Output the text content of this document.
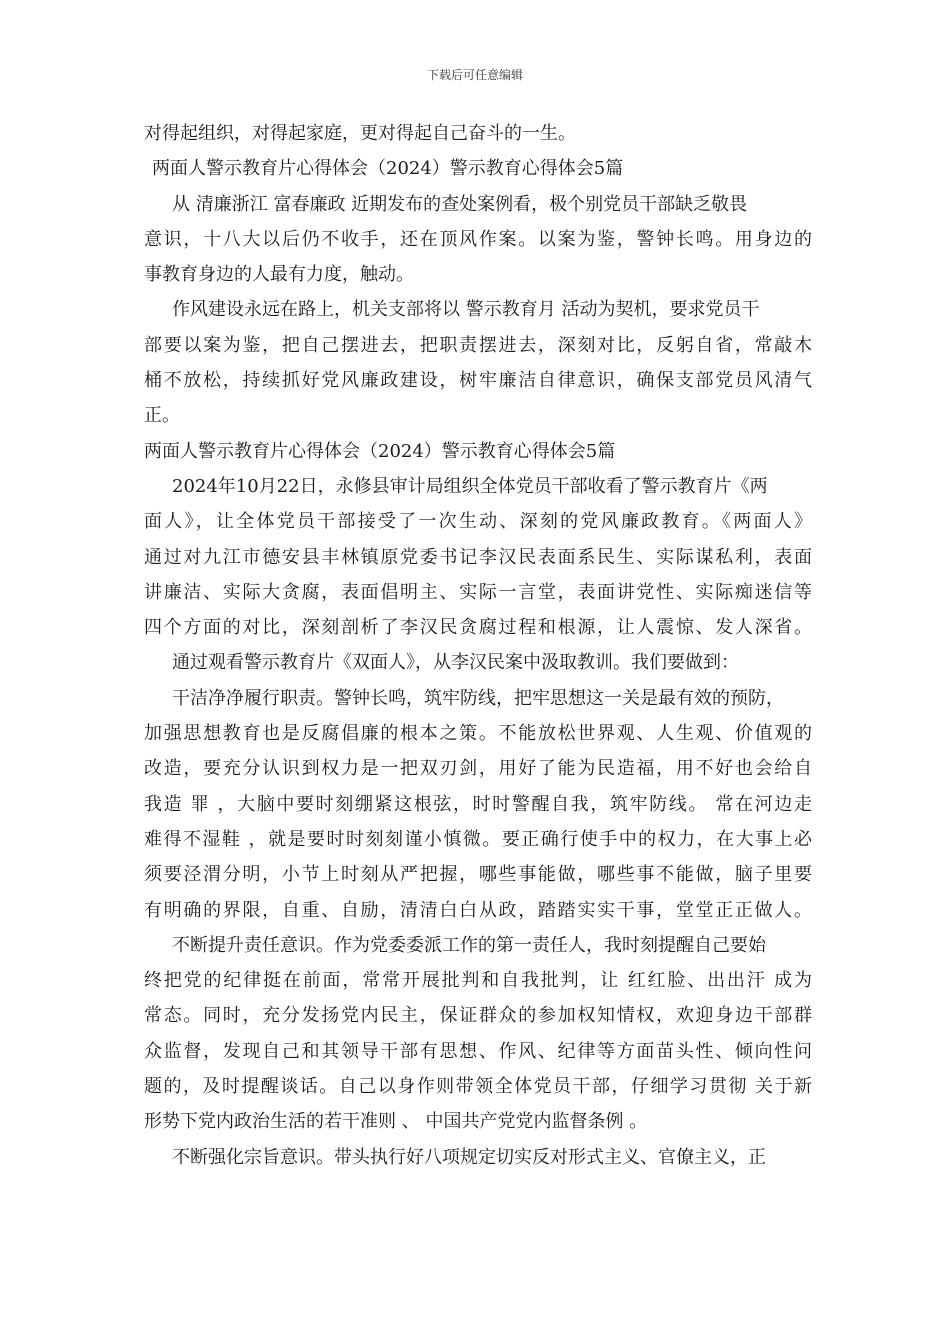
下载后可任意编辑
对得起组织，对得起家庭，更对得起自己奋斗的一生。
两面人警示教育片心得体会（2024）警示教育心得体会5篇
从 清廉浙江 富春廉政 近期发布的查处案例看，极个别党员干部缺乏敬畏
意识，十八大以后仍不收手，还在顶风作案。以案为鉴，警钟长鸣。用身边的
事教育身边的人最有力度，触动。
作风建设永远在路上，机关支部将以 警示教育月 活动为契机，要求党员干
部要以案为鉴，把自己摆进去，把职责摆进去，深刻对比，反躬自省，常敲木
桶不放松，持续抓好党风廉政建设，树牢廉洁自律意识，确保支部党员风清气
正。
两面人警示教育片心得体会（2024）警示教育心得体会5篇
2024年10月22日，永修县审计局组织全体党员干部收看了警示教育片《两
面人》，让全体党员干部接受了一次生动、深刻的党风廉政教育。《两面人》
通过对九江市德安县丰林镇原党委书记李汉民表面系民生、实际谋私利，表面
讲廉洁、实际大贪腐，表面倡明主、实际一言堂，表面讲党性、实际痴迷信等
四个方面的对比，深刻剖析了李汉民贪腐过程和根源，让人震惊、发人深省。
通过观看警示教育片《双面人》，从李汉民案中汲取教训。我们要做到：
干洁净净履行职责。警钟长鸣，筑牢防线，把牢思想这一关是最有效的预防，
加强思想教育也是反腐倡廉的根本之策。不能放松世界观、人生观、价值观的
改造，要充分认识到权力是一把双刃剑，用好了能为民造福，用不好也会给自
我造 罪 ，大脑中要时刻绷紧这根弦，时时警醒自我，筑牢防线。 常在河边走
难得不湿鞋 ，就是要时时刻刻谨小慎微。要正确行使手中的权力，在大事上必
须要泾渭分明，小节上时刻从严把握，哪些事能做，哪些事不能做，脑子里要
有明确的界限，自重、自励，清清白白从政，踏踏实实干事，堂堂正正做人。
不断提升责任意识。作为党委委派工作的第一责任人，我时刻提醒自己要始
终把党的纪律挺在前面，常常开展批判和自我批判，让 红红脸、出出汗 成为
常态。同时，充分发扬党内民主，保证群众的参加权知情权，欢迎身边干部群
众监督，发现自己和其领导干部有思想、作风、纪律等方面苗头性、倾向性问
题的，及时提醒谈话。自己以身作则带领全体党员干部，仔细学习贯彻 关于新
形势下党内政治生活的若干准则 、 中国共产党党内监督条例 。
不断强化宗旨意识。带头执行好八项规定切实反对形式主义、官僚主义，正
